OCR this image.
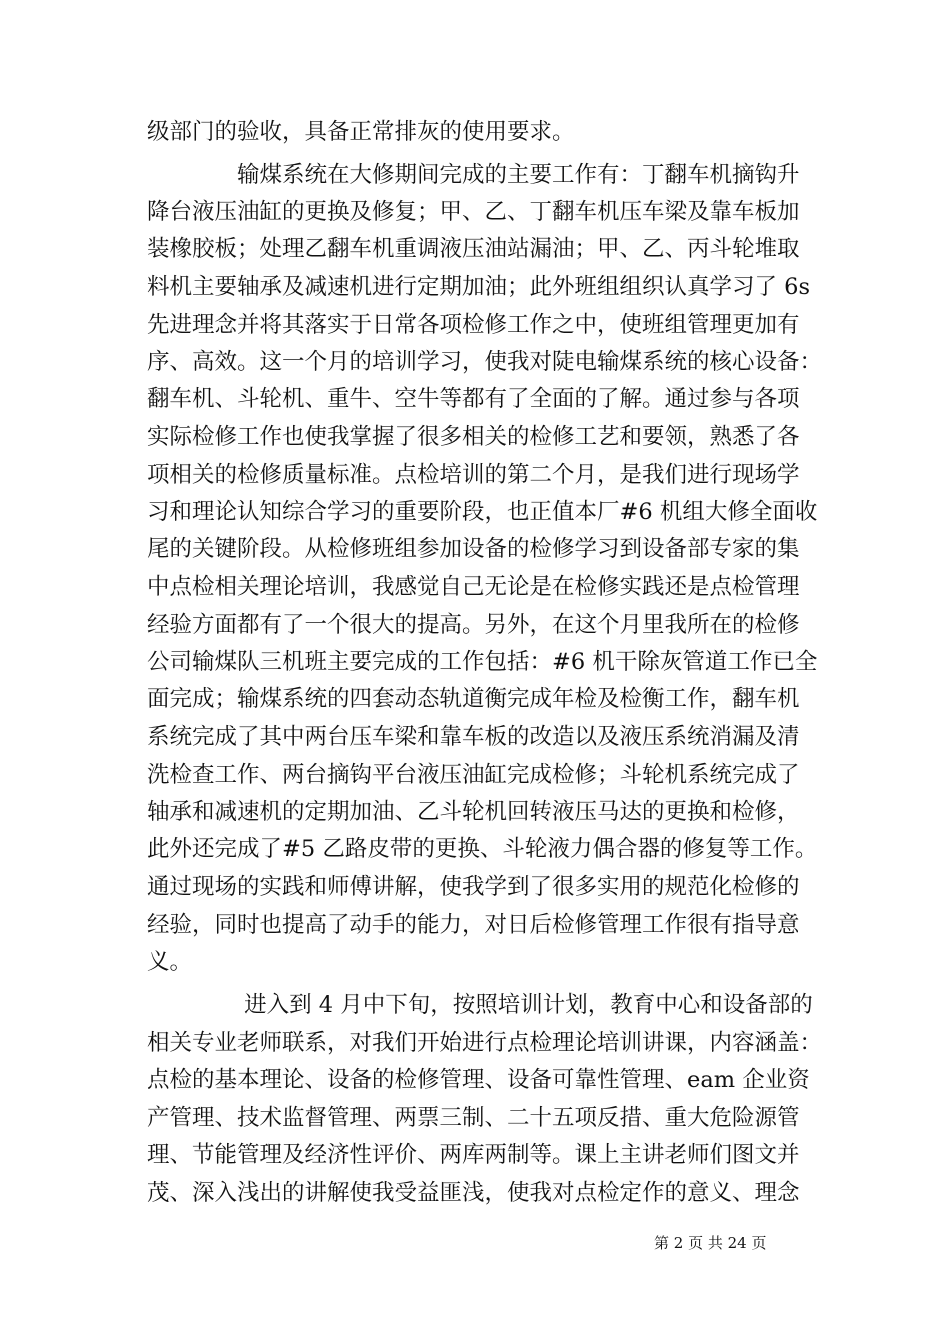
级部门的验收，具备正常排灰的使用要求。
　　　　输煤系统在大修期间完成的主要工作有：丁翻车机摘钩升
降台液压油缸的更换及修复；甲、乙、丁翻车机压车梁及靠车板加
装橡胶板；处理乙翻车机重调液压油站漏油；甲、乙、丙斗轮堆取
料机主要轴承及减速机进行定期加油；此外班组组织认真学习了 6s
先进理念并将其落实于日常各项检修工作之中，使班组管理更加有
序、高效。这一个月的培训学习，使我对陡电输煤系统的核心设备：
翻车机、斗轮机、重牛、空牛等都有了全面的了解。通过参与各项
实际检修工作也使我掌握了很多相关的检修工艺和要领，熟悉了各
项相关的检修质量标准。点检培训的第二个月，是我们进行现场学
习和理论认知综合学习的重要阶段，也正值本厂#6 机组大修全面收
尾的关键阶段。从检修班组参加设备的检修学习到设备部专家的集
中点检相关理论培训，我感觉自己无论是在检修实践还是点检管理
经验方面都有了一个很大的提高。另外，在这个月里我所在的检修
公司输煤队三机班主要完成的工作包括：#6 机干除灰管道工作已全
面完成；输煤系统的四套动态轨道衡完成年检及检衡工作，翻车机
系统完成了其中两台压车梁和靠车板的改造以及液压系统消漏及清
洗检查工作、两台摘钩平台液压油缸完成检修；斗轮机系统完成了
轴承和减速机的定期加油、乙斗轮机回转液压马达的更换和检修，
此外还完成了#5 乙路皮带的更换、斗轮液力偶合器的修复等工作。
通过现场的实践和师傅讲解，使我学到了很多实用的规范化检修的
经验，同时也提高了动手的能力，对日后检修管理工作很有指导意
义。
　　　　 进入到 4 月中下旬，按照培训计划，教育中心和设备部的
相关专业老师联系，对我们开始进行点检理论培训讲课，内容涵盖：
点检的基本理论、设备的检修管理、设备可靠性管理、eam 企业资
产管理、技术监督管理、两票三制、二十五项反措、重大危险源管
理、节能管理及经济性评价、两库两制等。课上主讲老师们图文并
茂、深入浅出的讲解使我受益匪浅，使我对点检定作的意义、理念
第 2 页 共 24 页
